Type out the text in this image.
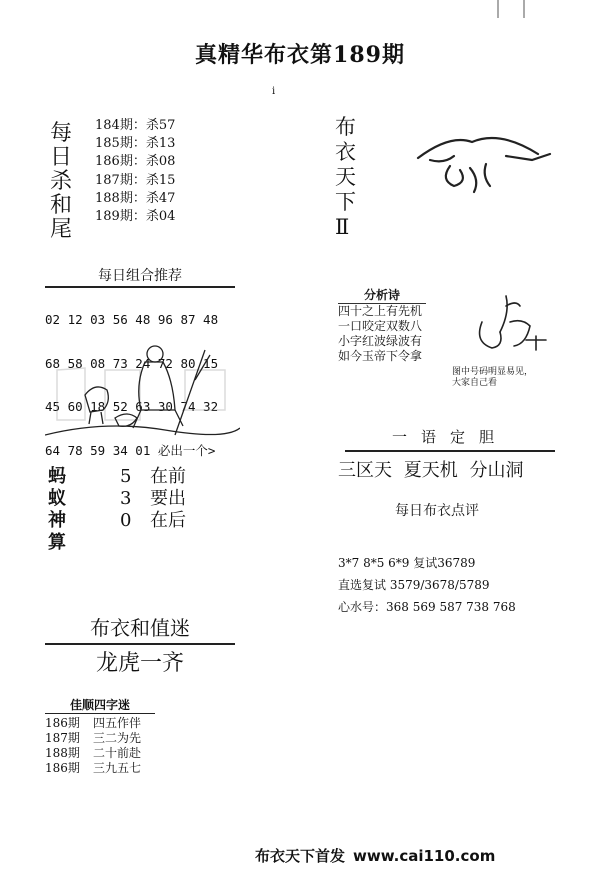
真精华布衣第189期
i
每
日
杀
和
尾
184期：杀57
185期：杀13
186期：杀08
187期：杀15
188期：杀47
189期：杀04
每日组合推荐

02 12 03 56 48 96 87 48

68 58 08 73 24 72 80 15

45 60 18 52 63 30 74 32

64 78 59 34 01 必出一个>

蚂
蚁
神
算
5 在前
3 要出
0 在后
布衣和值迷
龙虎一齐
佳顺四字迷
186期 四五作伴
187期 三二为先
188期 二十前赴
186期 三九五七
布
衣
天
下
Ⅱ
分析诗
四十之上有先机
一口咬定双数八
小字红波绿波有
如今玉帝下令拿
图中号码明显易见，
大家自己看
一语定胆
三区天 夏天机 分山洞
每日布衣点评
3*7 8*5 6*9 复试36789
直选复试 3579/3678/5789
心水号：368 569 587 738 768
布衣天下首发 www.cai110.com
